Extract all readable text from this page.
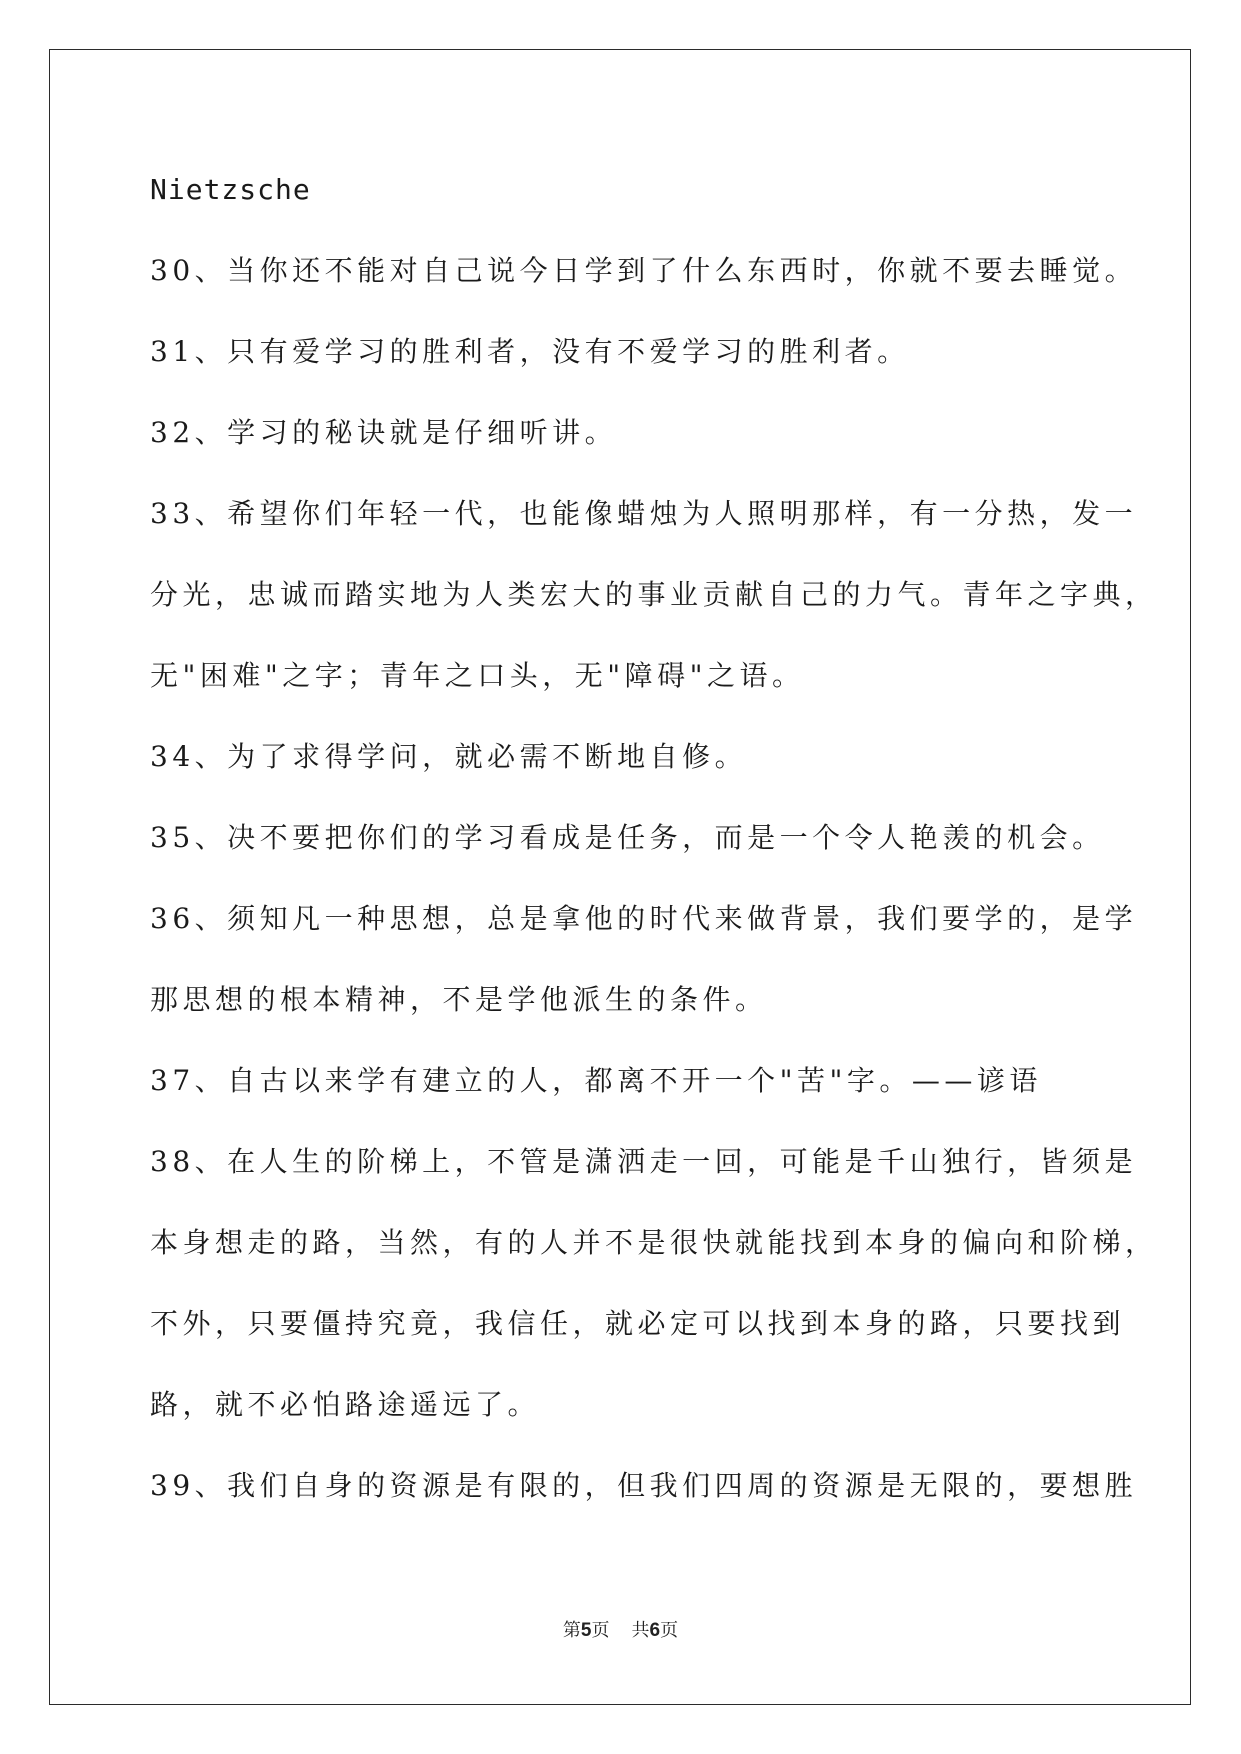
Nietzsche
30、当你还不能对自己说今日学到了什么东西时，你就不要去睡觉。
31、只有爱学习的胜利者，没有不爱学习的胜利者。
32、学习的秘诀就是仔细听讲。
33、希望你们年轻一代，也能像蜡烛为人照明那样，有一分热，发一
分光，忠诚而踏实地为人类宏大的事业贡献自己的力气。青年之字典，
无"困难"之字；青年之口头，无"障碍"之语。
34、为了求得学问，就必需不断地自修。
35、决不要把你们的学习看成是任务，而是一个令人艳羡的机会。
36、须知凡一种思想，总是拿他的时代来做背景，我们要学的，是学
那思想的根本精神，不是学他派生的条件。
37、自古以来学有建立的人，都离不开一个"苦"字。——谚语
38、在人生的阶梯上，不管是潇洒走一回，可能是千山独行，皆须是
本身想走的路，当然，有的人并不是很快就能找到本身的偏向和阶梯，
不外，只要僵持究竟，我信任，就必定可以找到本身的路，只要找到
路，就不必怕路途遥远了。
39、我们自身的资源是有限的，但我们四周的资源是无限的，要想胜
第5页 共6页
